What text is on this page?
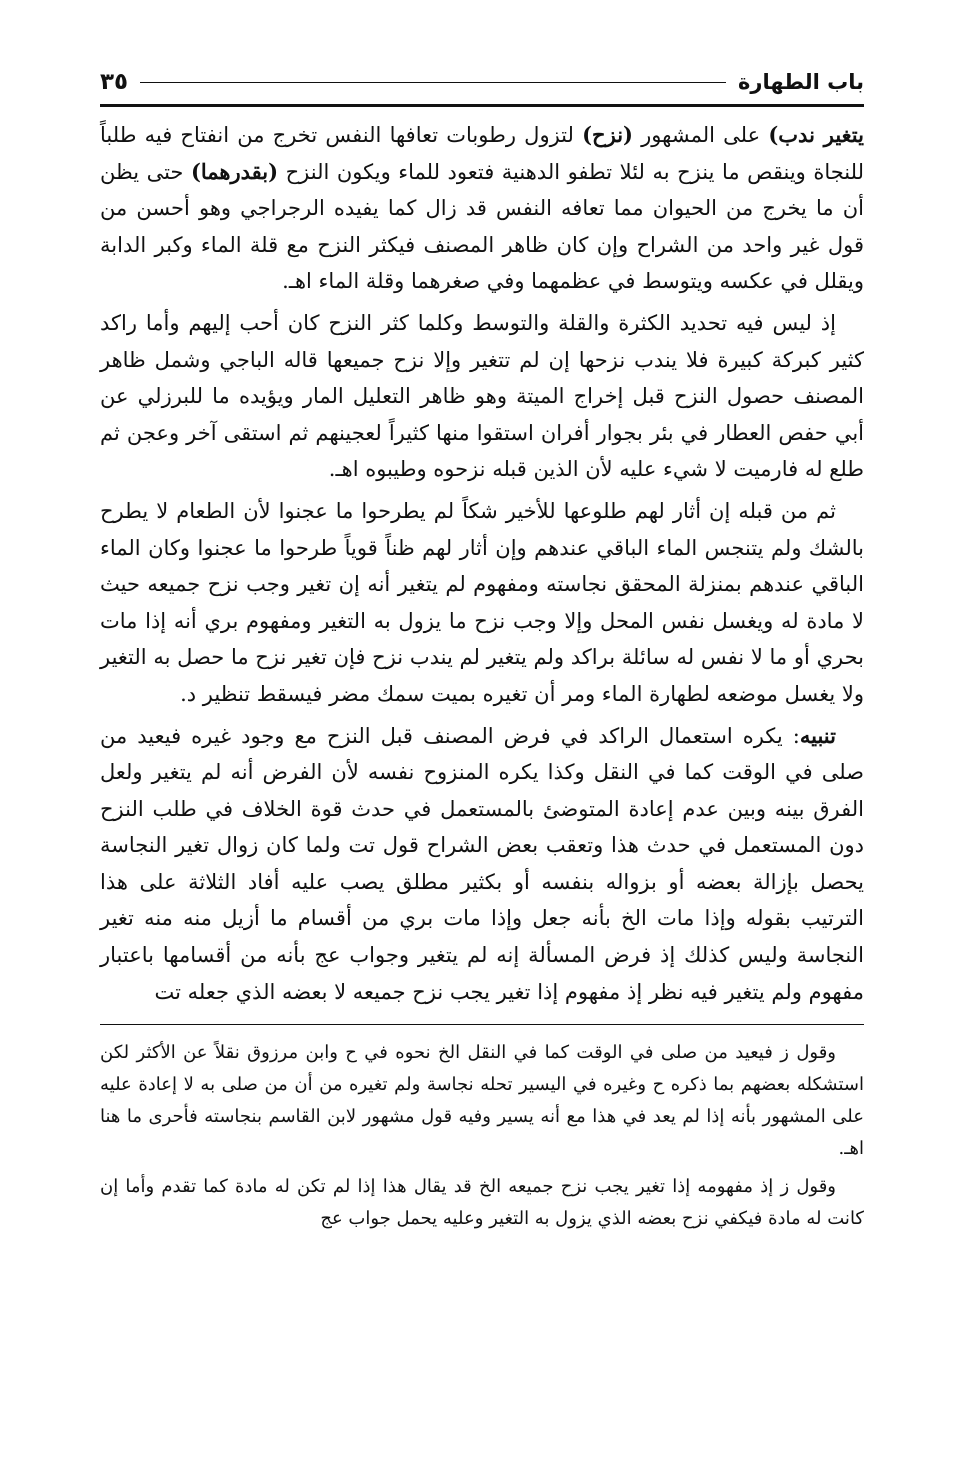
باب الطهارة
٣٥

يتغير ندب) على المشهور (نزح) لتزول رطوبات تعافها النفس تخرج من انفتاح فيه طلباً للنجاة وينقص ما ينزح به لئلا تطفو الدهنية فتعود للماء ويكون النزح (بقدرهما) حتى يظن أن ما يخرج من الحيوان مما تعافه النفس قد زال كما يفيده الرجراجي وهو أحسن من قول غير واحد من الشراح وإن كان ظاهر المصنف فيكثر النزح مع قلة الماء وكبر الدابة ويقلل في عكسه ويتوسط في عظمهما وفي صغرهما وقلة الماء اهـ.

إذ ليس فيه تحديد الكثرة والقلة والتوسط وكلما كثر النزح كان أحب إليهم وأما راكد كثير كبركة كبيرة فلا يندب نزحها إن لم تتغير وإلا نزح جميعها قاله الباجي وشمل ظاهر المصنف حصول النزح قبل إخراج الميتة وهو ظاهر التعليل المار ويؤيده ما للبرزلي عن أبي حفص العطار في بئر بجوار أفران استقوا منها كثيراً لعجينهم ثم استقى آخر وعجن ثم طلع له فارميت لا شيء عليه لأن الذين قبله نزحوه وطيبوه اهـ.

ثم من قبله إن أثار لهم طلوعها للأخير شكاً لم يطرحوا ما عجنوا لأن الطعام لا يطرح بالشك ولم يتنجس الماء الباقي عندهم وإن أثار لهم ظناً قوياً طرحوا ما عجنوا وكان الماء الباقي عندهم بمنزلة المحقق نجاسته ومفهوم لم يتغير أنه إن تغير وجب نزح جميعه حيث لا مادة له ويغسل نفس المحل وإلا وجب نزح ما يزول به التغير ومفهوم بري أنه إذا مات بحري أو ما لا نفس له سائلة براكد ولم يتغير لم يندب نزح فإن تغير نزح ما حصل به التغير ولا يغسل موضعه لطهارة الماء ومر أن تغيره بميت سمك مضر فيسقط تنظير د.

تنبيه: يكره استعمال الراكد في فرض المصنف قبل النزح مع وجود غيره فيعيد من صلى في الوقت كما في النقل وكذا يكره المنزوح نفسه لأن الفرض أنه لم يتغير ولعل الفرق بينه وبين عدم إعادة المتوضئ بالمستعمل في حدث قوة الخلاف في طلب النزح دون المستعمل في حدث هذا وتعقب بعض الشراح قول تت ولما كان زوال تغير النجاسة يحصل بإزالة بعضه أو بزواله بنفسه أو بكثير مطلق يصب عليه أفاد الثلاثة على هذا الترتيب بقوله وإذا مات الخ بأنه جعل وإذا مات بري من أقسام ما أزيل منه منه تغير النجاسة وليس كذلك إذ فرض المسألة إنه لم يتغير وجواب عج بأنه من أقسامها باعتبار مفهوم ولم يتغير فيه نظر إذ مفهوم إذا تغير يجب نزح جميعه لا بعضه الذي جعله تت

وقول ز فيعيد من صلى في الوقت كما في النقل الخ نحوه في ح وابن مرزوق نقلاً عن الأكثر لكن استشكله بعضهم بما ذكره ح وغيره في اليسير تحله نجاسة ولم تغيره من أن من صلى به لا إعادة عليه على المشهور بأنه إذا لم يعد في هذا مع أنه يسير وفيه قول مشهور لابن القاسم بنجاسته فأحرى ما هنا اهـ.

وقول ز إذ مفهومه إذا تغير يجب نزح جميعه الخ قد يقال هذا إذا لم تكن له مادة كما تقدم وأما إن كانت له مادة فيكفي نزح بعضه الذي يزول به التغير وعليه يحمل جواب عج
